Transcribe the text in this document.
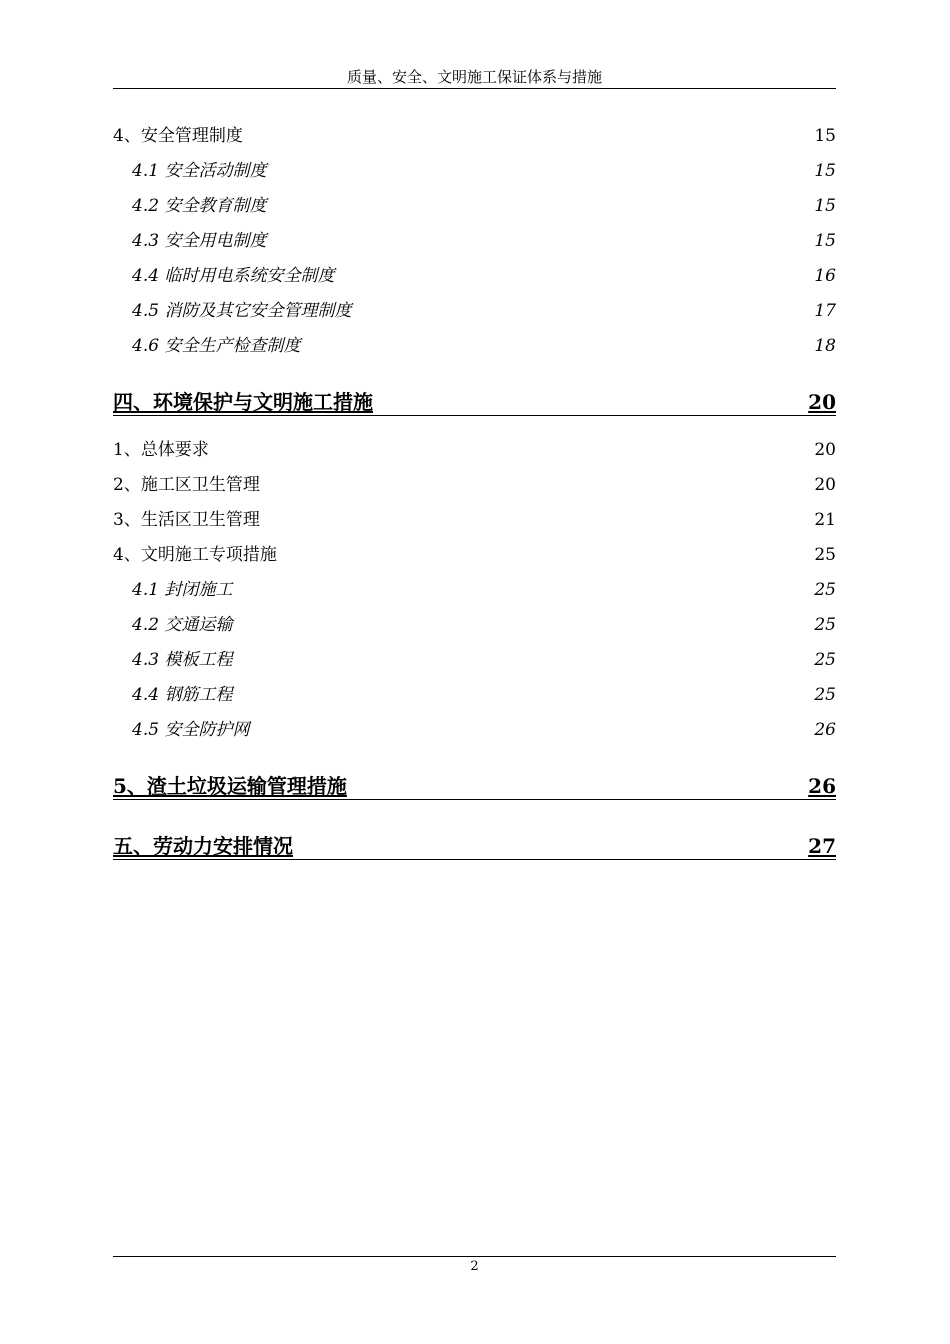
质量、安全、文明施工保证体系与措施
4、安全管理制度	15
4.1 安全活动制度	15
4.2 安全教育制度	15
4.3 安全用电制度	15
4.4 临时用电系统安全制度	16
4.5 消防及其它安全管理制度	17
4.6 安全生产检查制度	18
四、环境保护与文明施工措施	20
1、总体要求	20
2、施工区卫生管理	20
3、生活区卫生管理	21
4、文明施工专项措施	25
4.1 封闭施工	25
4.2 交通运输	25
4.3 模板工程	25
4.4 钢筋工程	25
4.5 安全防护网	26
5、渣土垃圾运输管理措施	26
五、劳动力安排情况	27
2
